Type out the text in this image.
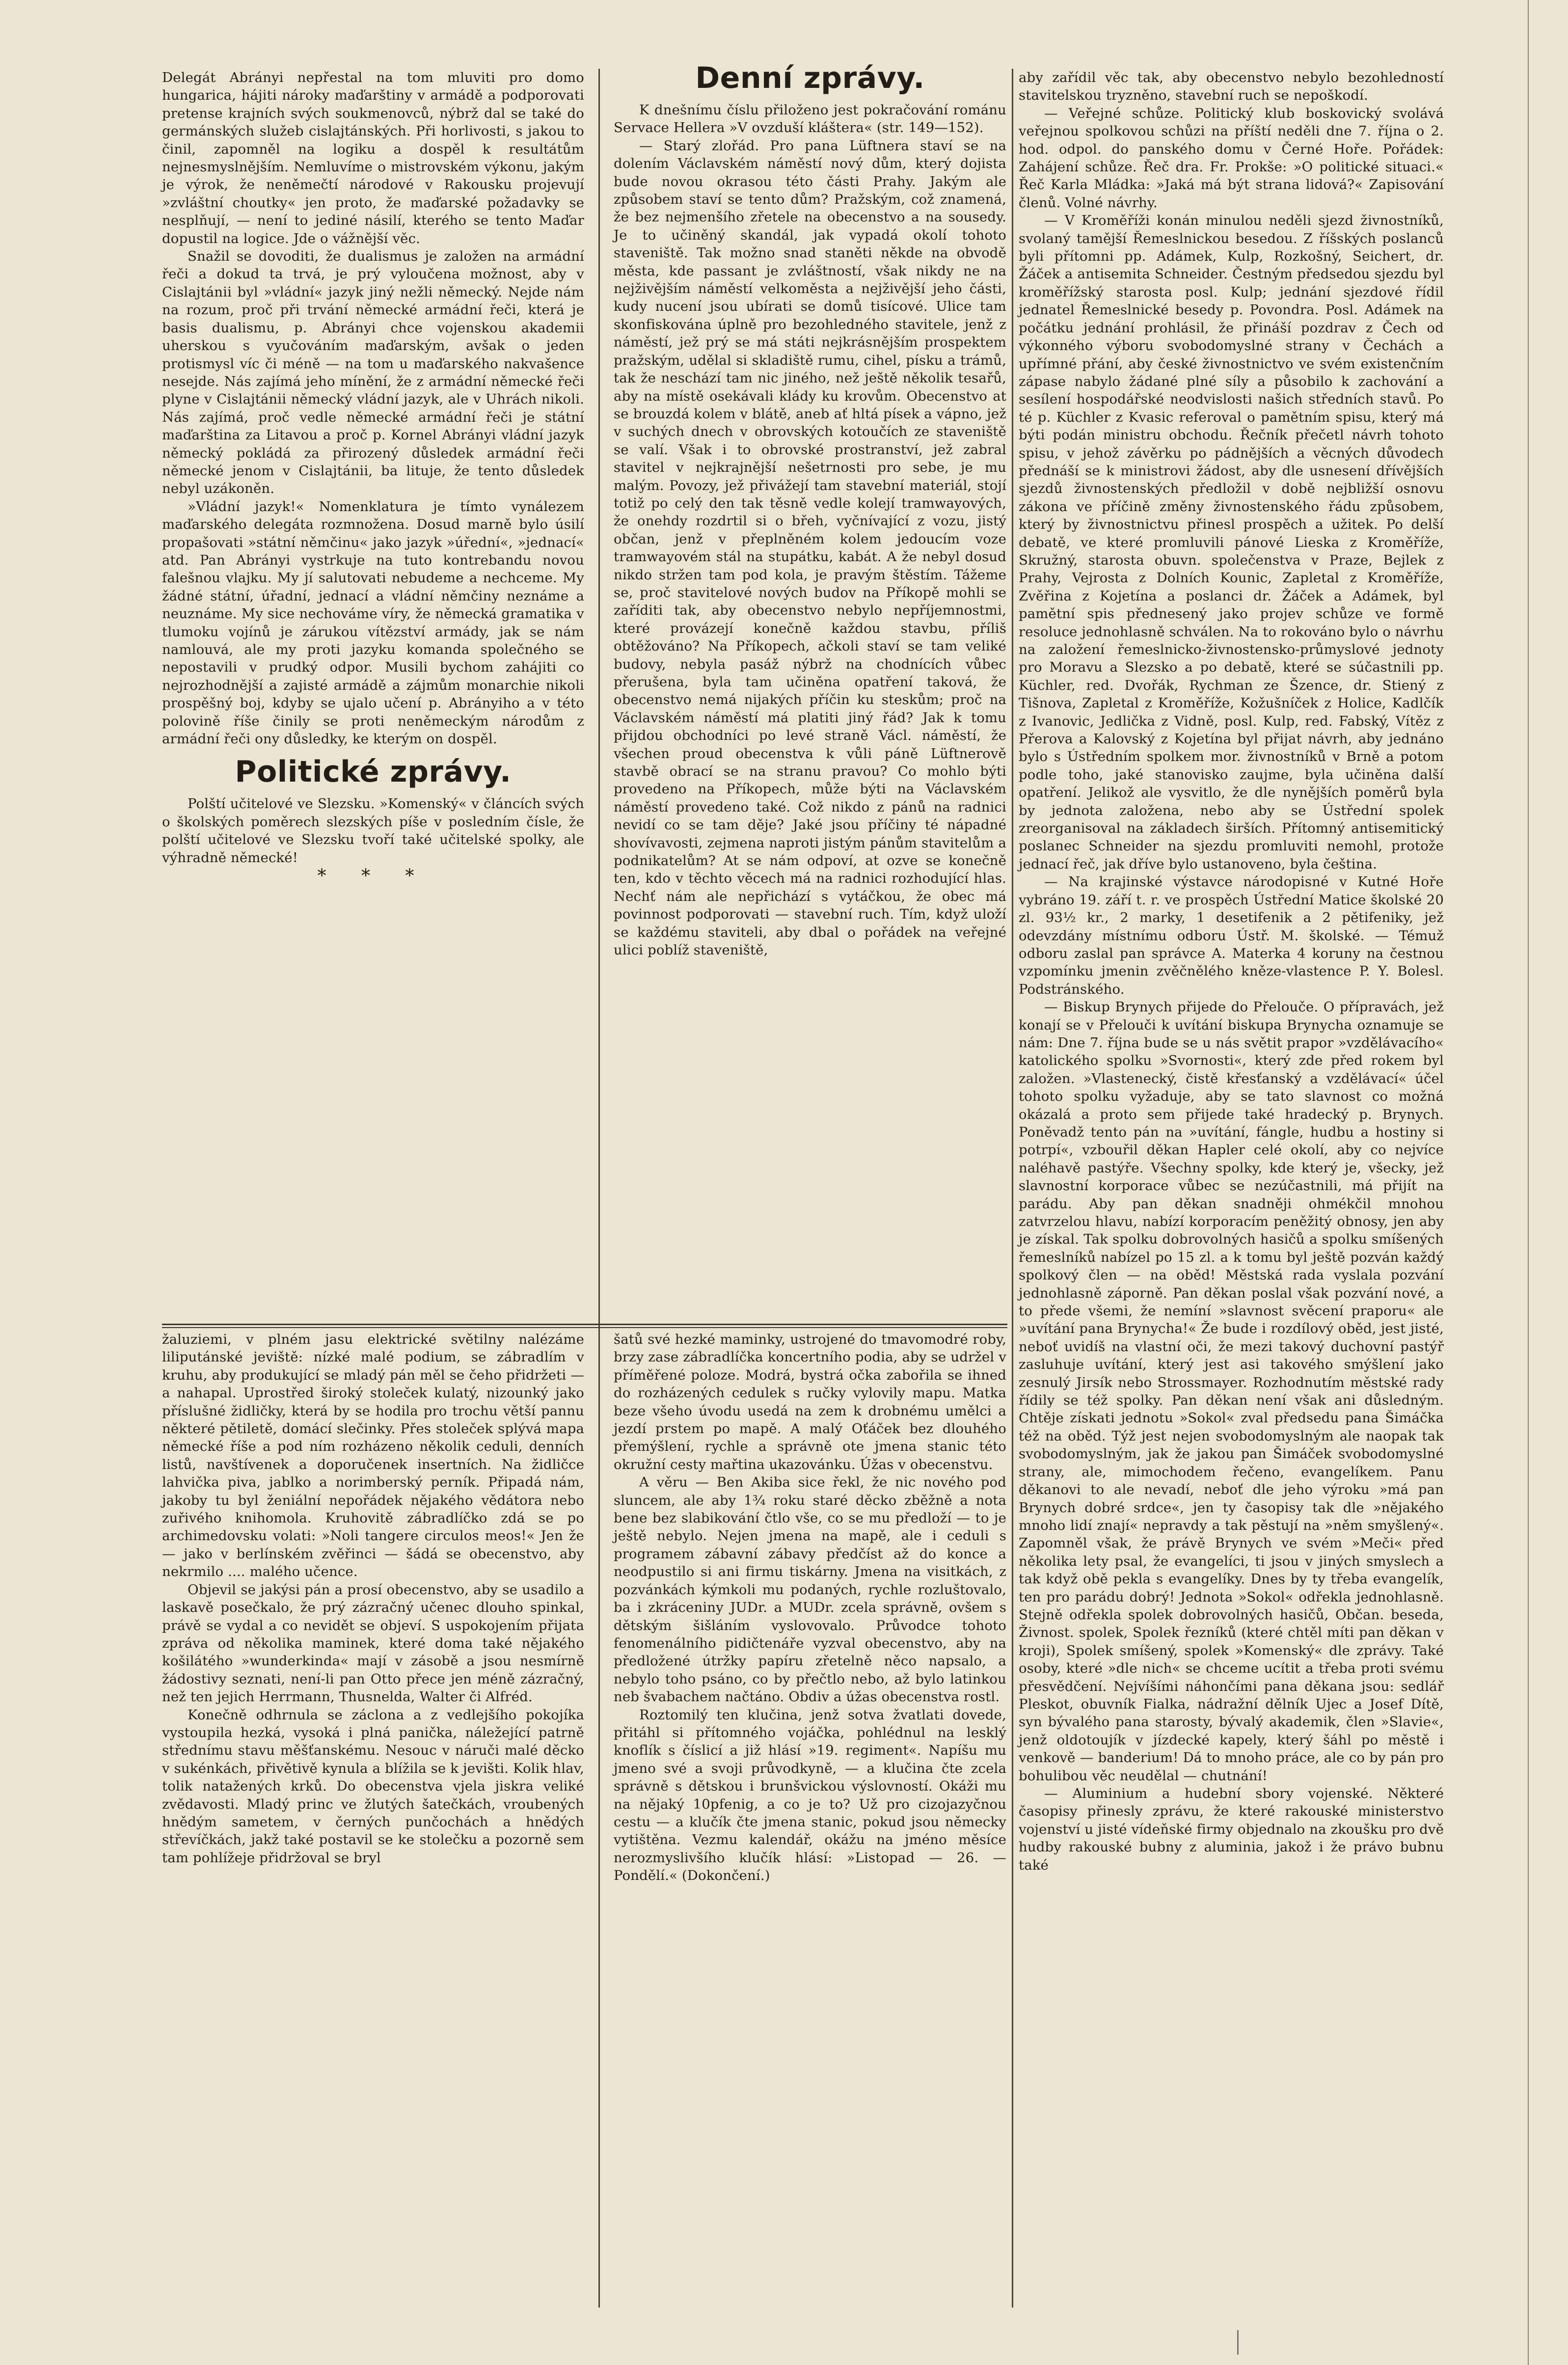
Delegát Abrányi nepřestal na tom mluviti pro domo hungarica, hájiti nároky maďarštiny v armádě a podporovati pretense krajních svých soukmenovců, nýbrž dal se také do germánských služeb cislajtánských. Při horlivosti, s jakou to činil, zapomněl na logiku a dospěl k resultátům nejnesmyslnějším. Nemluvíme o mistrovském výkonu, jakým je výrok, že neněmečtí národové v Rakousku projevují »zvláštní choutky« jen proto, že maďarské požadavky se nesplňují, — není to jediné násilí, kterého se tento Maďar dopustil na logice. Jde o vážnější věc.

Snažil se dovoditi, že dualismus je založen na armádní řeči a dokud ta trvá, je prý vyloučena možnost, aby v Cislajtánii byl »vládní« jazyk jiný nežli německý. Nejde nám na rozum, proč při trvání německé armádní řeči, která je basis dualismu, p. Abrányi chce vojenskou akademii uherskou s vyučováním maďarským, avšak o jeden protismysl víc či méně — na tom u maďarského nakvašence nesejde. Nás zajímá jeho mínění, že z armádní německé řeči plyne v Cislajtánii německý vládní jazyk, ale v Uhrách nikoli. Nás zajímá, proč vedle německé armádní řeči je státní maďarština za Litavou a proč p. Kornel Abrányi vládní jazyk německý pokládá za přirozený důsledek armádní řeči německé jenom v Cislajtánii, ba lituje, že tento důsledek nebyl uzákoněn.

»Vládní jazyk!« Nomenklatura je tímto vynálezem maďarského delegáta rozmnožena. Dosud marně bylo úsilí propašovati »státní němčinu« jako jazyk »úřední«, »jednací« atd. Pan Abrányi vystrkuje na tuto kontrebandu novou falešnou vlajku. My jí salutovati nebudeme a nechceme. My žádné státní, úřadní, jednací a vládní němčiny neznáme a neuznáme. My sice nechováme víry, že německá gramatika v tlumoku vojínů je zárukou vítězství armády, jak se nám namlouvá, ale my proti jazyku komanda společného se nepostavili v prudký odpor. Musili bychom zahájiti co nejrozhodnější a zajisté armádě a zájmům monarchie nikoli prospěšný boj, kdyby se ujalo učení p. Abrányiho a v této polovině říše činily se proti neněmeckým národům z armádní řeči ony důsledky, ke kterým on dospěl.

Politické zprávy.

Polští učitelové ve Slezsku. »Komenský« v článcích svých o školských poměrech slezských píše v posledním čísle, že polští učitelové ve Slezsku tvoří také učitelské spolky, ale výhradně německé!

* * *
Denní zprávy.

K dnešnímu číslu přiloženo jest pokračování románu Servace Hellera »V ovzduší kláštera« (str. 149—152).

— Starý zlořád. Pro pana Lüftnera staví se na dolením Václavském náměstí nový dům, který dojista bude novou okrasou této části Prahy. Jakým ale způsobem staví se tento dům? Pražským, což znamená, že bez nejmenšího zřetele na obecenstvo a na sousedy. Je to učiněný skandál, jak vypadá okolí tohoto staveniště. Tak možno snad staněti někde na obvodě města, kde passant je zvláštností, však nikdy ne na nejživějším náměstí velkoměsta a nejživější jeho části, kudy nucení jsou ubírati se domů tisícové. Ulice tam skonfiskována úplně pro bezohledného stavitele, jenž z náměstí, jež prý se má státi nejkrásnějším prospektem pražským, udělal si skladiště rumu, cihel, písku a trámů, tak že neschází tam nic jiného, než ještě několik tesařů, aby na místě osekávali klády ku krovům. Obecenstvo at se brouzdá kolem v blátě, aneb ať hltá písek a vápno, jež v suchých dnech v obrovských kotoučích ze staveniště se valí. Však i to obrovské prostranství, jež zabral stavitel v nejkrajnější nešetrnosti pro sebe, je mu malým. Povozy, jež přivážejí tam stavební materiál, stojí totiž po celý den tak těsně vedle kolejí tramwayových, že onehdy rozdrtil si o břeh, vyčnívající z vozu, jistý občan, jenž v přeplněném kolem jedoucím voze tramwayovém stál na stupátku, kabát. A že nebyl dosud nikdo stržen tam pod kola, je pravým štěstím. Tážeme se, proč stavitelové nových budov na Příkopě mohli se zaříditi tak, aby obecenstvo nebylo nepříjemnostmi, které provázejí konečně každou stavbu, příliš obtěžováno? Na Příkopech, ačkoli staví se tam veliké budovy, nebyla pasáž nýbrž na chodnících vůbec přerušena, byla tam učiněna opatření taková, že obecenstvo nemá nijakých příčin ku steskům; proč na Václavském náměstí má platiti jiný řád? Jak k tomu přijdou obchodníci po levé straně Václ. náměstí, že všechen proud obecenstva k vůli páně Lüftnerově stavbě obrací se na stranu pravou? Co mohlo býti provedeno na Příkopech, může býti na Václavském náměstí provedeno také. Což nikdo z pánů na radnici nevidí co se tam děje? Jaké jsou příčiny té nápadné shovívavosti, zejmena naproti jistým pánům stavitelům a podnikatelům? At se nám odpoví, at ozve se konečně ten, kdo v těchto věcech má na radnici rozhodující hlas. Nechť nám ale nepřichází s vytáčkou, že obec má povinnost podporovati — stavební ruch. Tím, když uloží se každému staviteli, aby dbal o pořádek na veřejné ulici poblíž staveniště,

aby zařídil věc tak, aby obecenstvo nebylo bezohledností stavitelskou tryzněno, stavební ruch se nepoškodí.

— Veřejné schůze. Politický klub boskovický svolává veřejnou spolkovou schůzi na příští neděli dne 7. října o 2. hod. odpol. do panského domu v Černé Hoře. Pořádek: Zahájení schůze. Řeč dra. Fr. Prokše: »O politické situaci.« Řeč Karla Mládka: »Jaká má být strana lidová?« Zapisování členů. Volné návrhy.

— V Kroměříži konán minulou neděli sjezd živnostníků, svolaný tamější Řemeslnickou besedou. Z říšských poslanců byli přítomni pp. Adámek, Kulp, Rozkošný, Seichert, dr. Žáček a antisemita Schneider. Čestným předsedou sjezdu byl kroměřížský starosta posl. Kulp; jednání sjezdové řídil jednatel Řemeslnické besedy p. Povondra. Posl. Adámek na počátku jednání prohlásil, že přináší pozdrav z Čech od výkonného výboru svobodomyslné strany v Čechách a upřímné přání, aby české živnostnictvo ve svém existenčním zápase nabylo žádané plné síly a působilo k zachování a sesílení hospodářské neodvislosti našich středních stavů. Po té p. Küchler z Kvasic referoval o pamětním spisu, který má býti podán ministru obchodu. Řečník přečetl návrh tohoto spisu, v jehož závěrku po pádnějších a věcných důvodech přednáší se k ministrovi žádost, aby dle usnesení dřívějších sjezdů živnostenských předložil v době nejbližší osnovu zákona ve příčině změny živnostenského řádu způsobem, který by živnostnictvu přinesl prospěch a užitek. Po delší debatě, ve které promluvili pánové Lieska z Kroměříže, Skružný, starosta obuvn. společenstva v Praze, Bejlek z Prahy, Vejrosta z Dolních Kounic, Zapletal z Kroměříže, Zvěřina z Kojetína a poslanci dr. Žáček a Adámek, byl pamětní spis přednesený jako projev schůze ve formě resoluce jednohlasně schválen. Na to rokováno bylo o návrhu na založení řemeslnicko-živnostensko-průmyslové jednoty pro Moravu a Slezsko a po debatě, které se súčastnili pp. Küchler, red. Dvořák, Rychman ze Šzence, dr. Stiený z Tišnova, Zapletal z Kroměříže, Kožušníček z Holice, Kadlčík z Ivanovic, Jedlička z Vidně, posl. Kulp, red. Fabský, Vítěz z Přerova a Kalovský z Kojetína byl přijat návrh, aby jednáno bylo s Ústředním spolkem mor. živnostníků v Brně a potom podle toho, jaké stanovisko zaujme, byla učiněna další opatření. Jelikož ale vysvitlo, že dle nynějších poměrů byla by jednota založena, nebo aby se Ústřední spolek zreorganisoval na základech širších. Přítomný antisemitický poslanec Schneider na sjezdu promluviti nemohl, protože jednací řeč, jak dříve bylo ustanoveno, byla čeština.

— Na krajinské výstavce národopisné v Kutné Hoře vybráno 19. září t. r. ve prospěch Ústřední Matice školské 20 zl. 93½ kr., 2 marky, 1 desetifenik a 2 pětifeniky, jež odevzdány místnímu odboru Ústř. M. školské. — Témuž odboru zaslal pan správce A. Materka 4 koruny na čestnou vzpomínku jmenin zvěčnělého kněze-vlastence P. Y. Bolesl. Podstránského.

— Biskup Brynych přijede do Přelouče. O přípravách, jež konají se v Přelouči k uvítání biskupa Brynycha oznamuje se nám: Dne 7. října bude se u nás světit prapor »vzdělávacího« katolického spolku »Svornosti«, který zde před rokem byl založen. »Vlastenecký, čistě křesťanský a vzdělávací« účel tohoto spolku vyžaduje, aby se tato slavnost co možná okázalá a proto sem přijede také hradecký p. Brynych. Poněvadž tento pán na »uvítání, fángle, hudbu a hostiny si potrpí«, vzbouřil děkan Hapler celé okolí, aby co nejvíce naléhavě pastýře. Všechny spolky, kde který je, všecky, jež slavnostní korporace vůbec se nezúčastnili, má přijít na parádu. Aby pan děkan snadněji ohmékčil mnohou zatvrzelou hlavu, nabízí korporacím peněžitý obnosy, jen aby je získal. Tak spolku dobrovolných hasičů a spolku smíšených řemeslníků nabízel po 15 zl. a k tomu byl ještě pozván každý spolkový člen — na oběd! Městská rada vyslala pozvání jednohlasně záporně. Pan děkan poslal však pozvání nové, a to přede všemi, že nemíní »slavnost svěcení praporu« ale »uvítání pana Brynycha!« Že bude i rozdílový oběd, jest jisté, neboť uvidíš na vlastní oči, že mezi takový duchovní pastýř zasluhuje uvítání, který jest asi takového smýšlení jako zesnulý Jirsík nebo Strossmayer. Rozhodnutím městské rady řídily se též spolky. Pan děkan není však ani důsledným. Chtěje získati jednotu »Sokol« zval předsedu pana Šimáčka též na oběd. Týž jest nejen svobodomyslným ale naopak tak svobodomyslným, jak že jakou pan Šimáček svobodomyslné strany, ale, mimochodem řečeno, evangelíkem. Panu děkanovi to ale nevadí, neboť dle jeho výroku »má pan Brynych dobré srdce«, jen ty časopisy tak dle »nějakého mnoho lidí znají« nepravdy a tak pěstují na »něm smyšlený«. Zapomněl však, že právě Brynych ve svém »Meči« před několika lety psal, že evangelíci, ti jsou v jiných smyslech a tak když obě pekla s evangelíky. Dnes by ty třeba evangelík, ten pro parádu dobrý! Jednota »Sokol« odřekla jednohlasně. Stejně odřekla spolek dobrovolných hasičů, Občan. beseda, Živnost. spolek, Spolek řezníků (které chtěl míti pan děkan v kroji), Spolek smíšený, spolek »Komenský« dle zprávy. Také osoby, které »dle nich« se chceme ucítit a třeba proti svému přesvědčení. Nejvíšími náhončími pana děkana jsou: sedlář Pleskot, obuvník Fialka, nádražní dělník Ujec a Josef Dítě, syn bývalého pana starosty, bývalý akademik, člen »Slavie«, jenž oldotoujík v jízdecké kapely, který šáhl po městě i venkově — banderium! Dá to mnoho práce, ale co by pán pro bohulibou věc neudělal — chutnání!

— Aluminium a hudební sbory vojenské. Některé časopisy přinesly zprávu, že které rakouské ministerstvo vojenství u jisté vídeňské firmy objednalo na zkoušku pro dvě hudby rakouské bubny z aluminia, jakož i že právo bubnu také

žaluziemi, v plném jasu elektrické světilny nalézáme liliputánské jeviště: nízké malé podium, se zábradlím v kruhu, aby produkující se mladý pán měl se čeho přidržeti — a nahapal. Uprostřed široký stoleček kulatý, nizounký jako příslušné židličky, která by se hodila pro trochu větší pannu některé pětiletě, domácí slečinky. Přes stoleček splývá mapa německé říše a pod ním rozházeno několik ceduli, denních listů, navštívenek a doporučenek insertních. Na židličce lahvička piva, jablko a norimberský perník. Připadá nám, jakoby tu byl ženiální nepořádek nějakého vědátora nebo zuřivého knihomola. Kruhovitě zábradlíčko zdá se po archimedovsku volati: »Noli tangere circulos meos!« Jen že — jako v berlínském zvěřinci — šádá se obecenstvo, aby nekrmilo .... malého učence.

Objevil se jakýsi pán a prosí obecenstvo, aby se usadilo a laskavě posečkalo, že prý zázračný učenec dlouho spinkal, právě se vydal a co nevidět se objeví. S uspokojením přijata zpráva od několika maminek, které doma také nějakého košilátého »wunderkinda« mají v zásobě a jsou nesmírně žádostivy seznati, není-li pan Otto přece jen méně zázračný, než ten jejich Herrmann, Thusnelda, Walter či Alfréd.

Konečně odhrnula se záclona a z vedlejšího pokojíka vystoupila hezká, vysoká i plná panička, náležející patrně střednímu stavu měšťanskému. Nesouc v náruči malé děcko v sukénkách, přivětivě kynula a blížila se k jevišti. Kolik hlav, tolik natažených krků. Do obecenstva vjela jiskra veliké zvědavosti. Mladý princ ve žlutých šatečkách, vroubených hnědým sametem, v černých punčochách a hnědých střevíčkách, jakž také postavil se ke stolečku a pozorně sem tam pohlížeje přidržoval se bryl

šatů své hezké maminky, ustrojené do tmavomodré roby, brzy zase zábradlíčka koncertního podia, aby se udržel v příměřené poloze. Modrá, bystrá očka zabořila se ihned do rozházených cedulek s ručky vylovily mapu. Matka beze všeho úvodu usedá na zem k drobnému umělci a jezdí prstem po mapě. A malý Oťáček bez dlouhého přemýšlení, rychle a správně ote jmena stanic této okružní cesty mařtina ukazovánku. Úžas v obecenstvu.

A věru — Ben Akiba sice řekl, že nic nového pod sluncem, ale aby 1¾ roku staré děcko zběžně a nota bene bez slabikování čtlo vše, co se mu předloží — to je ještě nebylo. Nejen jmena na mapě, ale i ceduli s programem zábavní zábavy předčíst až do konce a neodpustilo si ani firmu tiskárny. Jmena na visitkách, z pozvánkách kýmkoli mu podaných, rychle rozluštovalo, ba i zkráceniny JUDr. a MUDr. zcela správně, ovšem s dětským šišláním vyslovovalo. Průvodce tohoto fenomenálního pidičtenáře vyzval obecenstvo, aby na předložené útržky papíru zřetelně něco napsalo, a nebylo toho psáno, co by přečtlo nebo, až bylo latinkou neb švabachem načtáno. Obdiv a úžas obecenstva rostl.

Roztomilý ten klučina, jenž sotva žvatlati dovede, přitáhl si přítomného vojáčka, pohlédnul na lesklý knoflík s číslicí a již hlásí »19. regiment«. Napíšu mu jmeno své a svoji průvodkyně, — a klučina čte zcela správně s dětskou i brunšvickou výslovností. Okáži mu na nějaký 10pfenig, a co je to? Už pro cizojazyčnou cestu — a klučík čte jmena stanic, pokud jsou německy vytištěna. Vezmu kalendář, okážu na jméno měsíce nerozmyslivšího klučík hlásí: »Listopad — 26. — Pondělí.« (Dokončení.)
